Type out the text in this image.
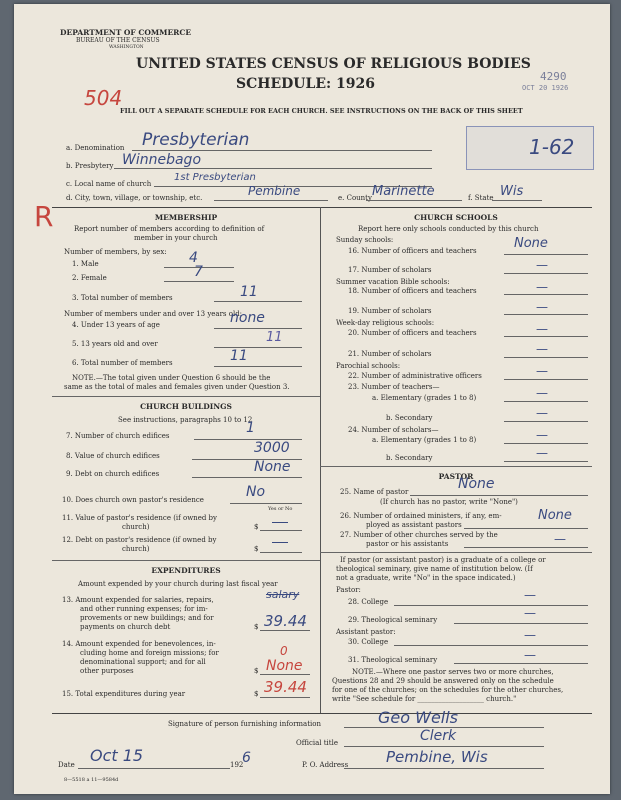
DEPARTMENT OF COMMERCE
BUREAU OF THE CENSUS
WASHINGTON
UNITED STATES CENSUS OF RELIGIOUS BODIES
SCHEDULE: 1926
504
4290
OCT 20 1926
FILL OUT A SEPARATE SCHEDULE FOR EACH CHURCH. SEE INSTRUCTIONS ON THE BACK OF THIS SHEET
a. Denomination Presbyterian
b. Presbytery Winnebago
c. Local name of church
1st Presbyterian
d. City, town, village, or township, etc.	Pembine	e. County Marinette	f. State Wis
1-62
R	MEMBERSHIP
Report number of members according to definition of
member in your church
Number of members, by sex:
1. Male	4
2. Female	7
3. Total number of members	11
Number of members under and over 13 years old:
4. Under 13 years of age	none
5. 13 years old and over	11
6. Total number of members	11
NOTE.—The total given under Question 6 should be the
same as the total of males and females given under Question 3.
CHURCH BUILDINGS
See instructions, paragraphs 10 to 12
7. Number of church edifices	1
8. Value of church edifices	3000
9. Debt on church edifices	None
10. Does church own pastor's residence	No
Yes or No
11. Value of pastor's residence (if owned by
church)	$
12. Debt on pastor's residence (if owned by
church)	$
EXPENDITURES
Amount expended by your church during last fiscal year
13. Amount expended for salaries, repairs,
and other running expenses; for im-
provements or new buildings; and for
payments on church debt
salary
$ 39.44
14. Amount expended for benevolences, in-
cluding home and foreign missions; for
denominational support; and for all
other purposes
0
$ None
15. Total expenditures during year	$ 39.44
CHURCH SCHOOLS
Report here only schools conducted by this church
Sunday schools:
16. Number of officers and teachers	None
17. Number of scholars	—
Summer vacation Bible schools:
18. Number of officers and teachers	—
19. Number of scholars	—
Week-day religious schools:
20. Number of officers and teachers	—
21. Number of scholars	—
Parochial schools:
22. Number of administrative officers	—
23. Number of teachers—
a. Elementary (grades 1 to 8)	—
b. Secondary	—
24. Number of scholars—
a. Elementary (grades 1 to 8)	—
b. Secondary	—
PASTOR
25. Name of pastor	None
(If church has no pastor, write "None")
26. Number of ordained ministers, if any, em-
ployed as assistant pastors
None
27. Number of other churches served by the
pastor or his assistants	—
If pastor (or assistant pastor) is a graduate of a college or
theological seminary, give name of institution below. (If
not a graduate, write "No" in the space indicated.)
Pastor:
28. College	—
29. Theological seminary	—
Assistant pastor:
30. College	—
31. Theological seminary	—
NOTE.—Where one pastor serves two or more churches,
Questions 28 and 29 should be answered only on the schedule
for one of the churches; on the schedules for the other churches,
write "See schedule for ___________________ church."
Signature of person furnishing information	Geo Wells
Official title	Clerk
Date Oct 15	192
6	P. O. Address	Pembine, Wis
8—5518 a 11—9584d
